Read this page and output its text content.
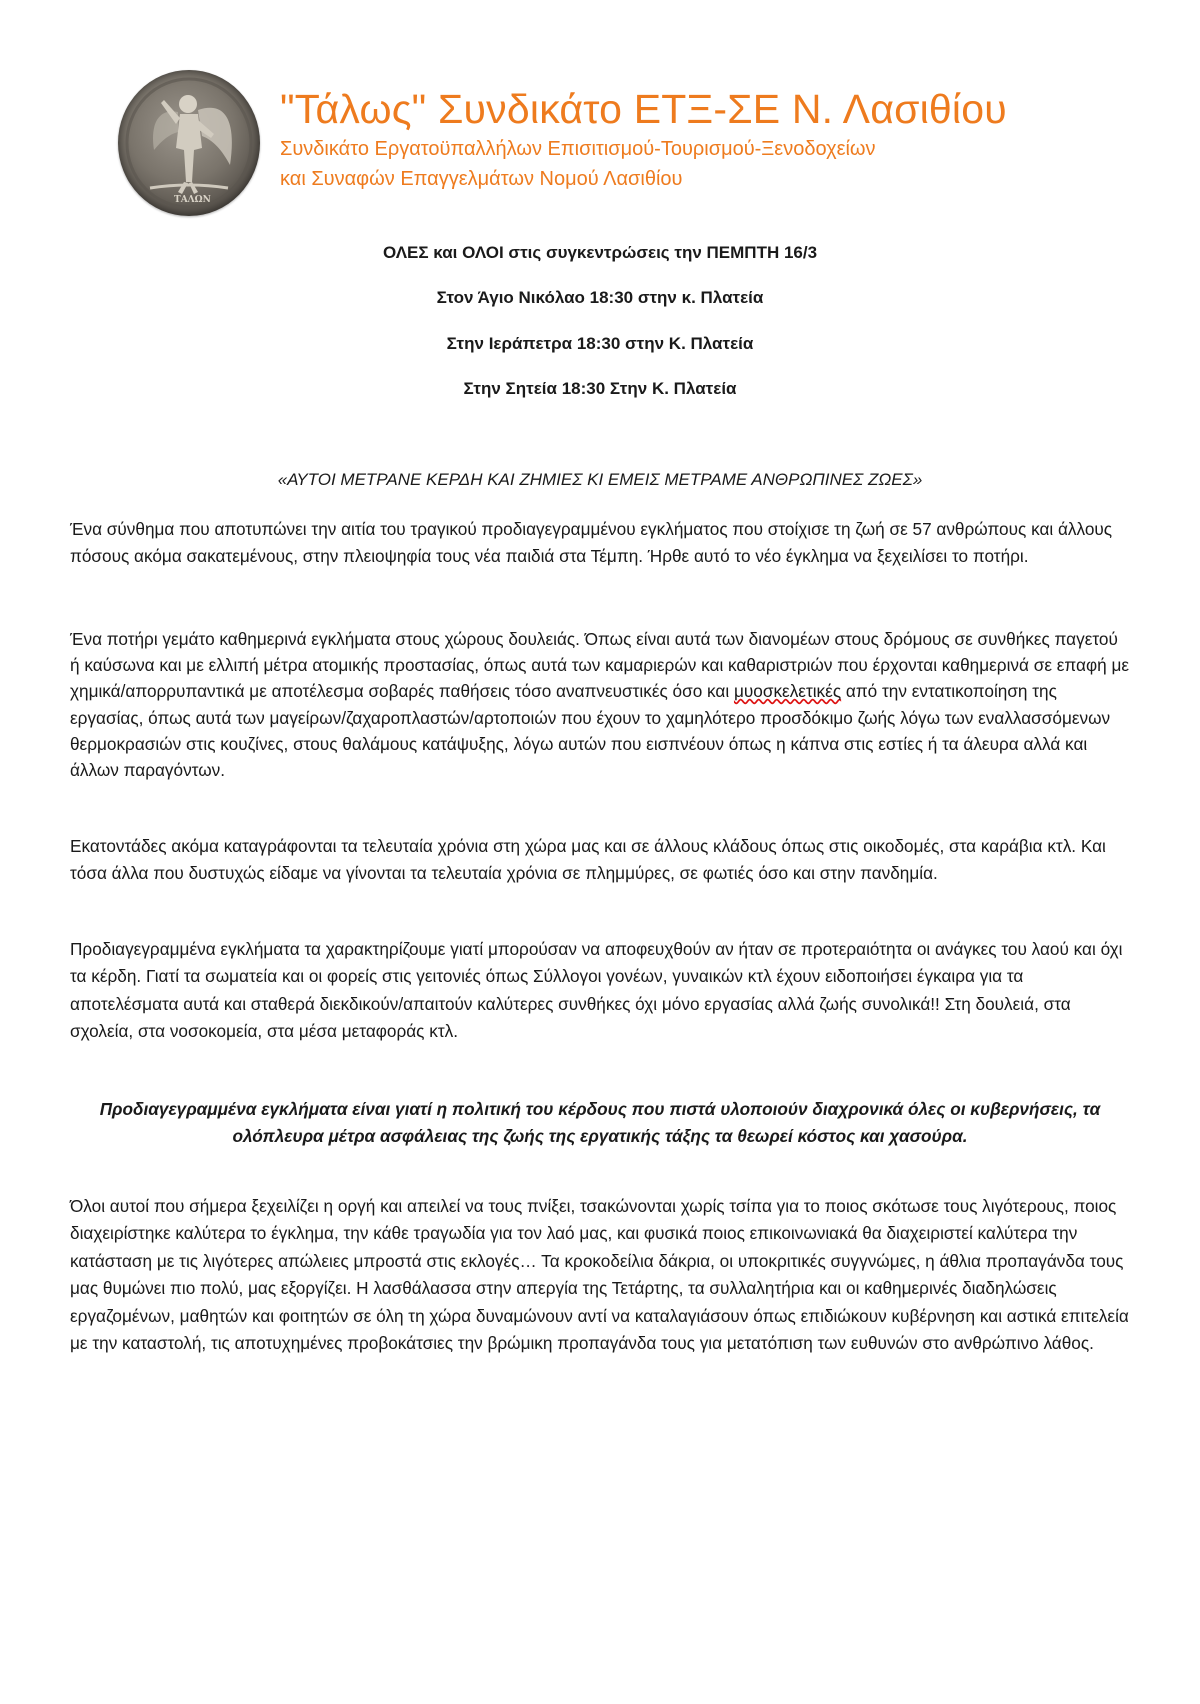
ΤΑΛΩΝ
"Τάλως" Συνδικάτο ΕΤΞ-ΣΕ Ν. Λασιθίου
Συνδικάτο Εργατοϋπαλλήλων Επισιτισμού-Τουρισμού-Ξενοδοχείων
και Συναφών Επαγγελμάτων Νομού Λασιθίου
ΟΛΕΣ και ΟΛΟΙ στις συγκεντρώσεις την ΠΕΜΠΤΗ 16/3
Στον Άγιο Νικόλαο 18:30 στην κ. Πλατεία
Στην Ιεράπετρα 18:30 στην Κ. Πλατεία
Στην Σητεία 18:30 Στην Κ. Πλατεία
«ΑΥΤΟΙ ΜΕΤΡΑΝΕ ΚΕΡΔΗ ΚΑΙ ΖΗΜΙΕΣ ΚΙ ΕΜΕΙΣ ΜΕΤΡΑΜΕ ΑΝΘΡΩΠΙΝΕΣ ΖΩΕΣ»
Ένα σύνθημα που αποτυπώνει την αιτία του τραγικού προδιαγεγραμμένου εγκλήματος που στοίχισε τη ζωή σε 57 ανθρώπους και άλλους πόσους ακόμα σακατεμένους, στην πλειοψηφία τους νέα παιδιά στα Τέμπη. Ήρθε αυτό το νέο έγκλημα να ξεχειλίσει το ποτήρι.
Ένα ποτήρι γεμάτο καθημερινά εγκλήματα στους χώρους δουλειάς. Όπως είναι αυτά των διανομέων στους δρόμους σε συνθήκες παγετού ή καύσωνα και με ελλιπή μέτρα ατομικής προστασίας, όπως αυτά των καμαριερών και καθαριστριών που έρχονται καθημερινά σε επαφή με χημικά/απορρυπαντικά με αποτέλεσμα σοβαρές παθήσεις τόσο αναπνευστικές όσο και μυοσκελετικές από την εντατικοποίηση της εργασίας, όπως αυτά των μαγείρων/ζαχαροπλαστών/αρτοποιών που έχουν το χαμηλότερο προσδόκιμο ζωής λόγω των εναλλασσόμενων θερμοκρασιών στις κουζίνες, στους θαλάμους κατάψυξης, λόγω αυτών που εισπνέουν όπως η κάπνα στις εστίες ή τα άλευρα αλλά και άλλων παραγόντων.
Εκατοντάδες ακόμα καταγράφονται τα τελευταία χρόνια στη χώρα μας και σε άλλους κλάδους όπως στις οικοδομές, στα καράβια κτλ. Και τόσα άλλα που δυστυχώς είδαμε να γίνονται τα τελευταία χρόνια σε πλημμύρες, σε φωτιές όσο και στην πανδημία.
Προδιαγεγραμμένα εγκλήματα τα χαρακτηρίζουμε γιατί μπορούσαν να αποφευχθούν αν ήταν σε προτεραιότητα οι ανάγκες του λαού και όχι τα κέρδη. Γιατί τα σωματεία και οι φορείς στις γειτονιές όπως Σύλλογοι γονέων, γυναικών κτλ έχουν ειδοποιήσει έγκαιρα για τα αποτελέσματα αυτά και σταθερά διεκδικούν/απαιτούν καλύτερες συνθήκες όχι μόνο εργασίας αλλά ζωής συνολικά!! Στη δουλειά, στα σχολεία, στα νοσοκομεία, στα μέσα μεταφοράς κτλ.
Προδιαγεγραμμένα εγκλήματα είναι γιατί η πολιτική του κέρδους που πιστά υλοποιούν διαχρονικά όλες οι κυβερνήσεις, τα ολόπλευρα μέτρα ασφάλειας της ζωής της εργατικής τάξης τα θεωρεί κόστος και χασούρα.
Όλοι αυτοί που σήμερα ξεχειλίζει η οργή και απειλεί να τους πνίξει, τσακώνονται χωρίς τσίπα για το ποιος σκότωσε τους λιγότερους, ποιος διαχειρίστηκε καλύτερα το έγκλημα, την κάθε τραγωδία για τον λαό μας, και φυσικά ποιος επικοινωνιακά θα διαχειριστεί καλύτερα την κατάσταση με τις λιγότερες απώλειες μπροστά στις εκλογές… Τα κροκοδείλια δάκρια, οι υποκριτικές συγγνώμες, η άθλια προπαγάνδα τους μας θυμώνει πιο πολύ, μας εξοργίζει. Η λασθάλασσα στην απεργία της Τετάρτης, τα συλλαλητήρια και οι καθημερινές διαδηλώσεις εργαζομένων, μαθητών και φοιτητών σε όλη τη χώρα δυναμώνουν αντί να καταλαγιάσουν όπως επιδιώκουν κυβέρνηση και αστικά επιτελεία με την καταστολή, τις αποτυχημένες προβοκάτσιες την βρώμικη προπαγάνδα τους για μετατόπιση των ευθυνών στο ανθρώπινο λάθος.
